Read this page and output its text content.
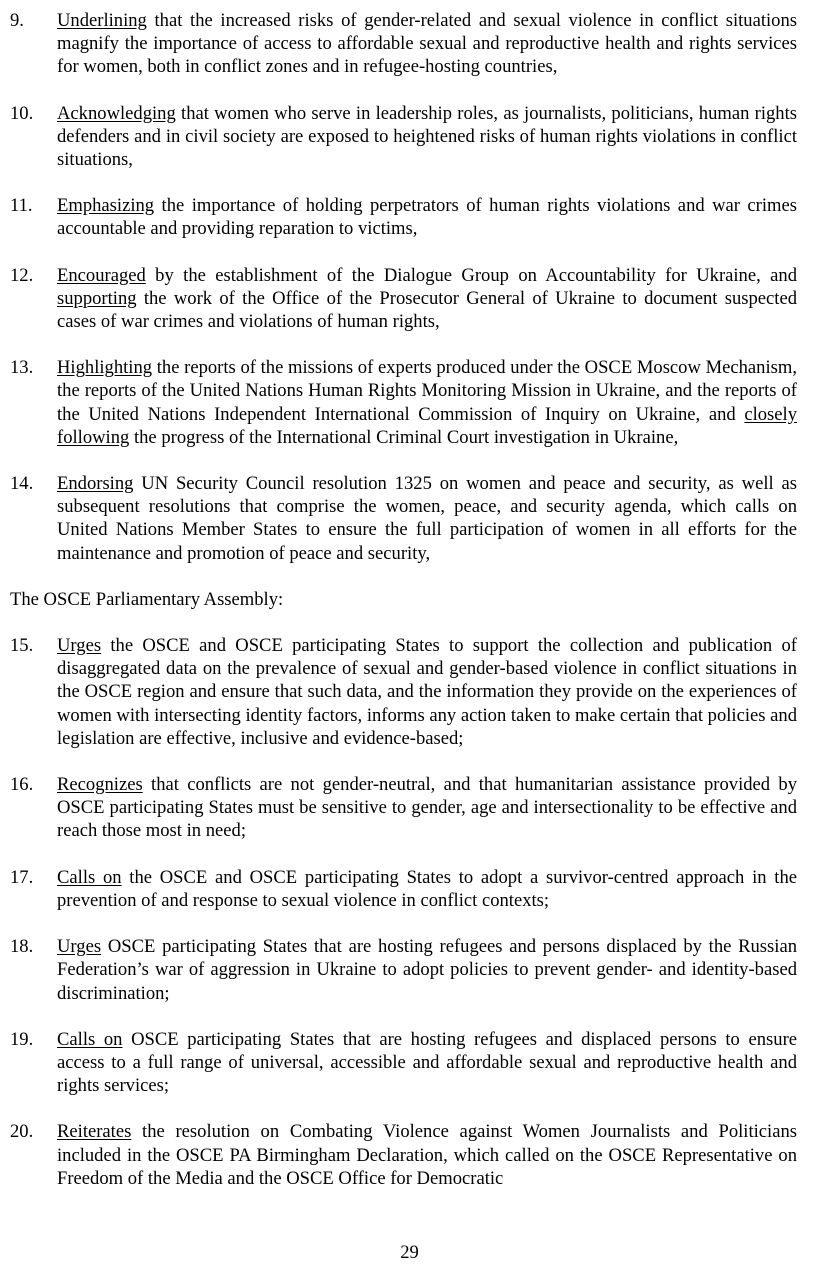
9. Underlining that the increased risks of gender-related and sexual violence in conflict situations magnify the importance of access to affordable sexual and reproductive health and rights services for women, both in conflict zones and in refugee-hosting countries,

10. Acknowledging that women who serve in leadership roles, as journalists, politicians, human rights defenders and in civil society are exposed to heightened risks of human rights violations in conflict situations,

11. Emphasizing the importance of holding perpetrators of human rights violations and war crimes accountable and providing reparation to victims,

12. Encouraged by the establishment of the Dialogue Group on Accountability for Ukraine, and supporting the work of the Office of the Prosecutor General of Ukraine to document suspected cases of war crimes and violations of human rights,

13. Highlighting the reports of the missions of experts produced under the OSCE Moscow Mechanism, the reports of the United Nations Human Rights Monitoring Mission in Ukraine, and the reports of the United Nations Independent International Commission of Inquiry on Ukraine, and closely following the progress of the International Criminal Court investigation in Ukraine,

14. Endorsing UN Security Council resolution 1325 on women and peace and security, as well as subsequent resolutions that comprise the women, peace, and security agenda, which calls on United Nations Member States to ensure the full participation of women in all efforts for the maintenance and promotion of peace and security,

The OSCE Parliamentary Assembly:

15. Urges the OSCE and OSCE participating States to support the collection and publication of disaggregated data on the prevalence of sexual and gender-based violence in conflict situations in the OSCE region and ensure that such data, and the information they provide on the experiences of women with intersecting identity factors, informs any action taken to make certain that policies and legislation are effective, inclusive and evidence-based;

16. Recognizes that conflicts are not gender-neutral, and that humanitarian assistance provided by OSCE participating States must be sensitive to gender, age and intersectionality to be effective and reach those most in need;

17. Calls on the OSCE and OSCE participating States to adopt a survivor-centred approach in the prevention of and response to sexual violence in conflict contexts;

18. Urges OSCE participating States that are hosting refugees and persons displaced by the Russian Federation’s war of aggression in Ukraine to adopt policies to prevent gender- and identity-based discrimination;

19. Calls on OSCE participating States that are hosting refugees and displaced persons to ensure access to a full range of universal, accessible and affordable sexual and reproductive health and rights services;

20. Reiterates the resolution on Combating Violence against Women Journalists and Politicians included in the OSCE PA Birmingham Declaration, which called on the OSCE Representative on Freedom of the Media and the OSCE Office for Democratic

29
